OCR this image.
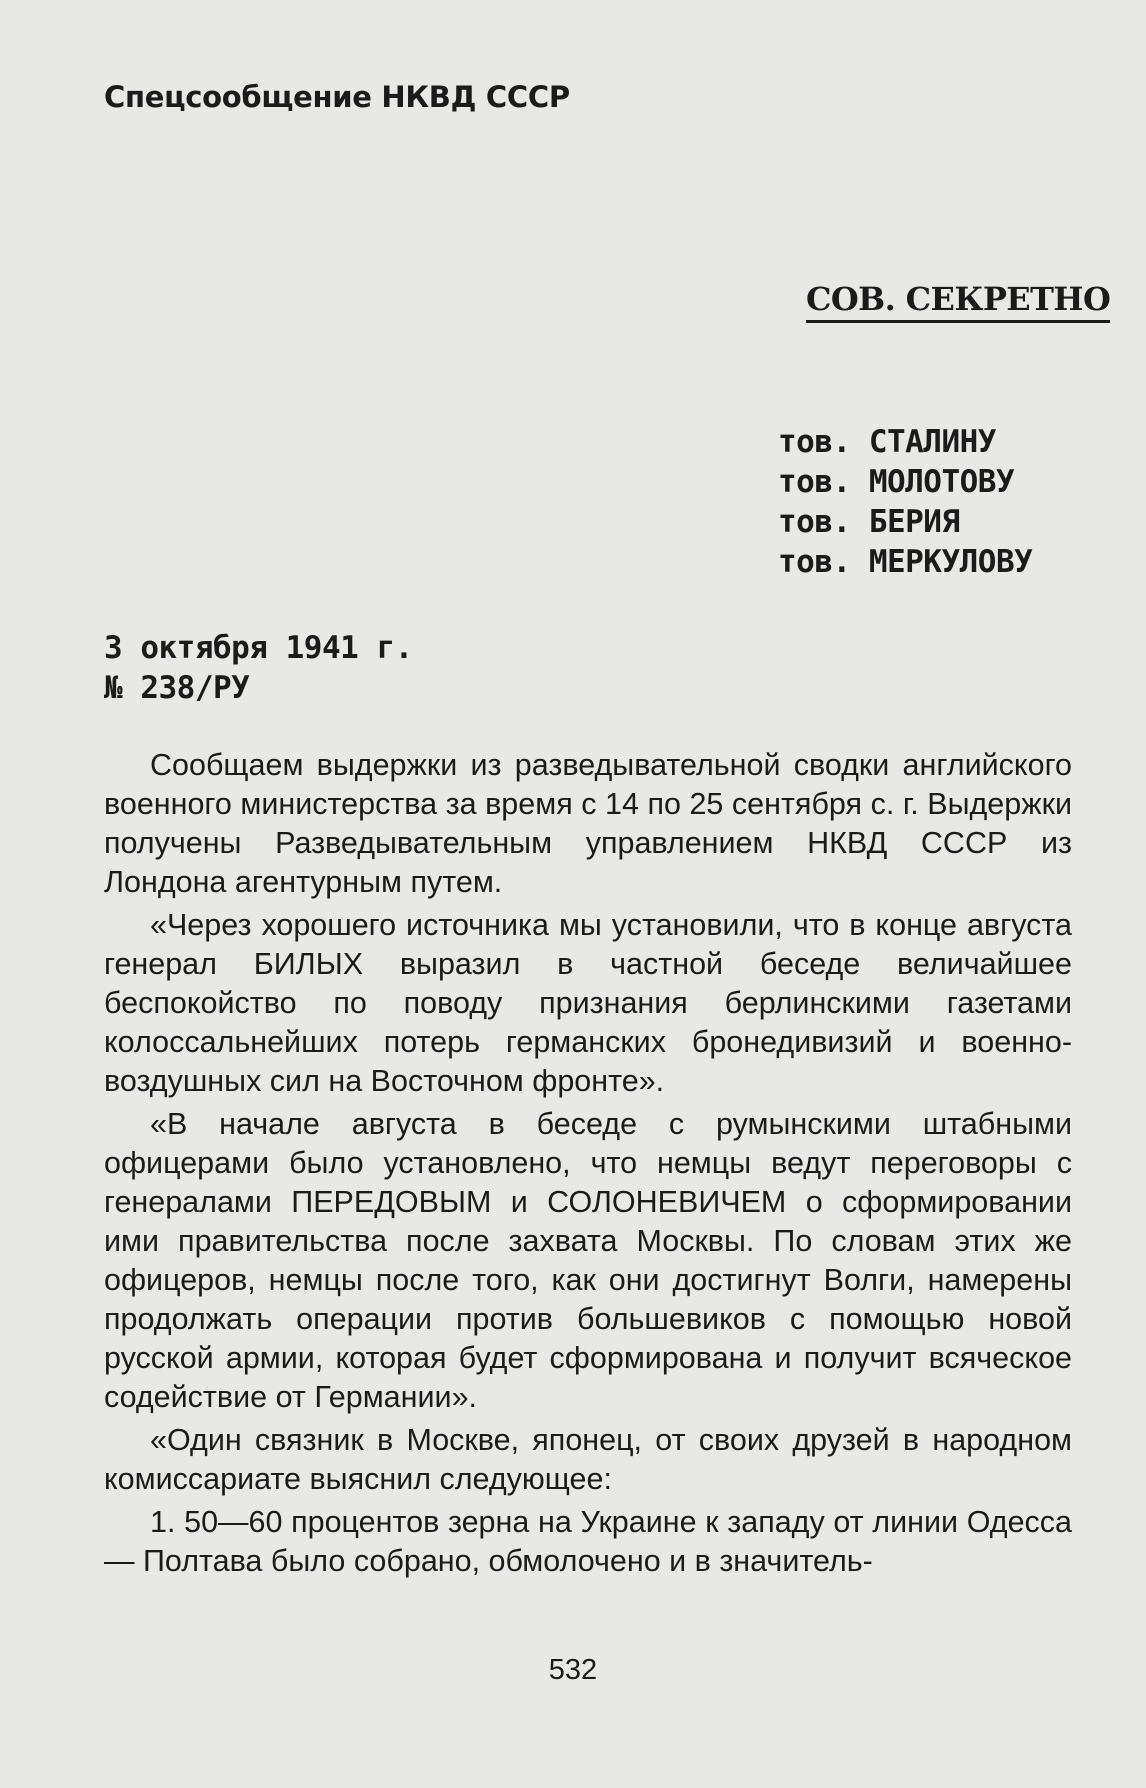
Спецсообщение НКВД СССР
СОВ. СЕКРЕТНО
тов. СТАЛИНУ
тов. МОЛОТОВУ
тов. БЕРИЯ
тов. МЕРКУЛОВУ
3 октября 1941 г.
№ 238/РУ

Сообщаем выдержки из разведывательной сводки английского военного министерства за время с 14 по 25 сентября с. г. Выдержки получены Разведывательным управлением НКВД СССР из Лондона агентурным путем.

«Через хорошего источника мы установили, что в конце августа генерал БИЛЫХ выразил в частной беседе величайшее беспокойство по поводу признания берлинскими газетами колоссальнейших потерь германских бронедивизий и военно-воздушных сил на Восточном фронте».

«В начале августа в беседе с румынскими штабными офицерами было установлено, что немцы ведут переговоры с генералами ПЕРЕДОВЫМ и СОЛОНЕВИЧЕМ о сформировании ими правительства после захвата Москвы. По словам этих же офицеров, немцы после того, как они достигнут Волги, намерены продолжать операции против большевиков с помощью новой русской армии, которая будет сформирована и получит всяческое содействие от Германии».

«Один связник в Москве, японец, от своих друзей в народном комиссариате выяснил следующее:

1. 50—60 процентов зерна на Украине к западу от линии Одесса — Полтава было собрано, обмолочено и в значитель-

532
